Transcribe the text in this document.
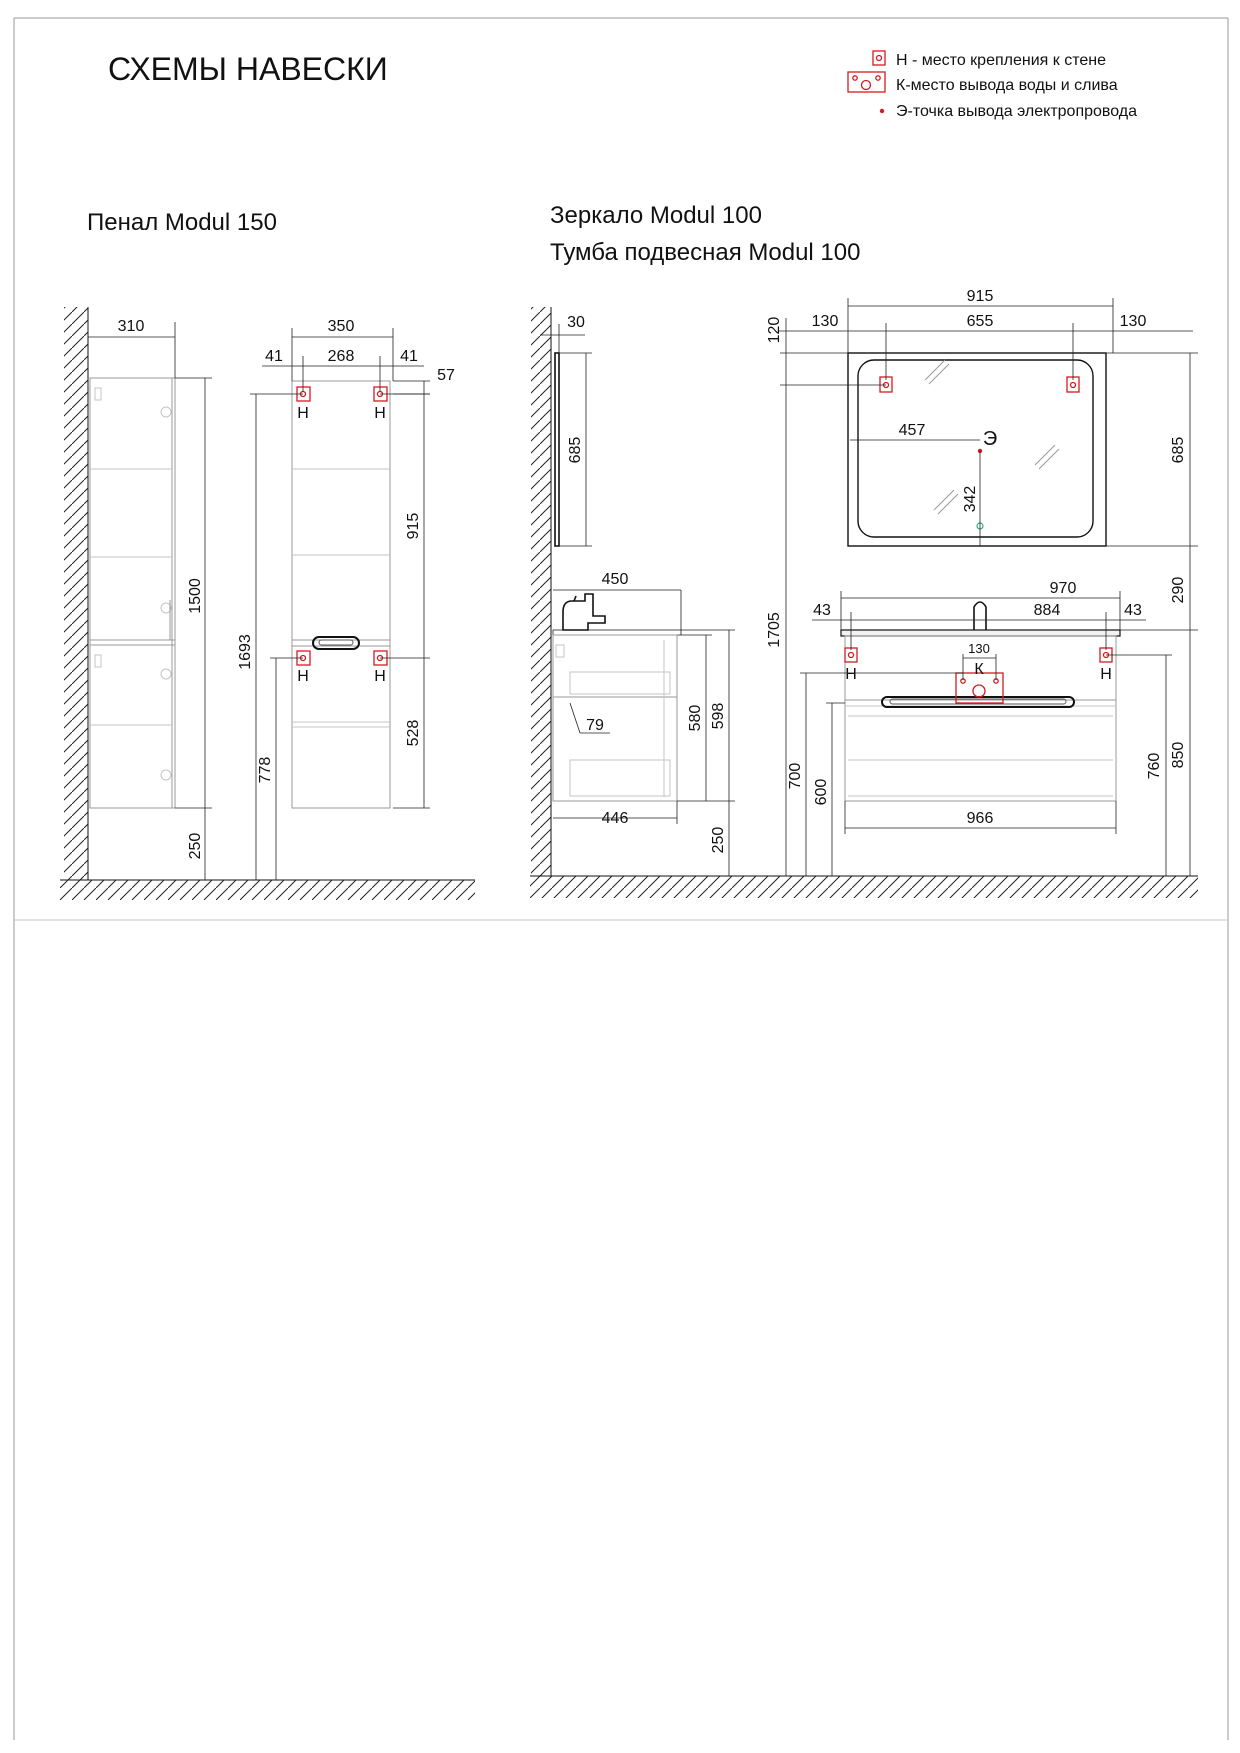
СХЕМЫ НАВЕСКИ
Пенал Modul 150	Зеркало Modul 100
Тумба подвесная Modul 100
Н - место крепления к стене
К-место вывода воды и слива
Э-точка вывода электропровода
310
1500
250
Н	Н
Н	Н
350
41	268	41
57
915
528
1693
778
30
685
450
446
79	580 598
250
Э
915
130	655	130
120
1705
457
342
685
290
Н	Н
К
130
970
43	884	43
966
700
600
760 850
